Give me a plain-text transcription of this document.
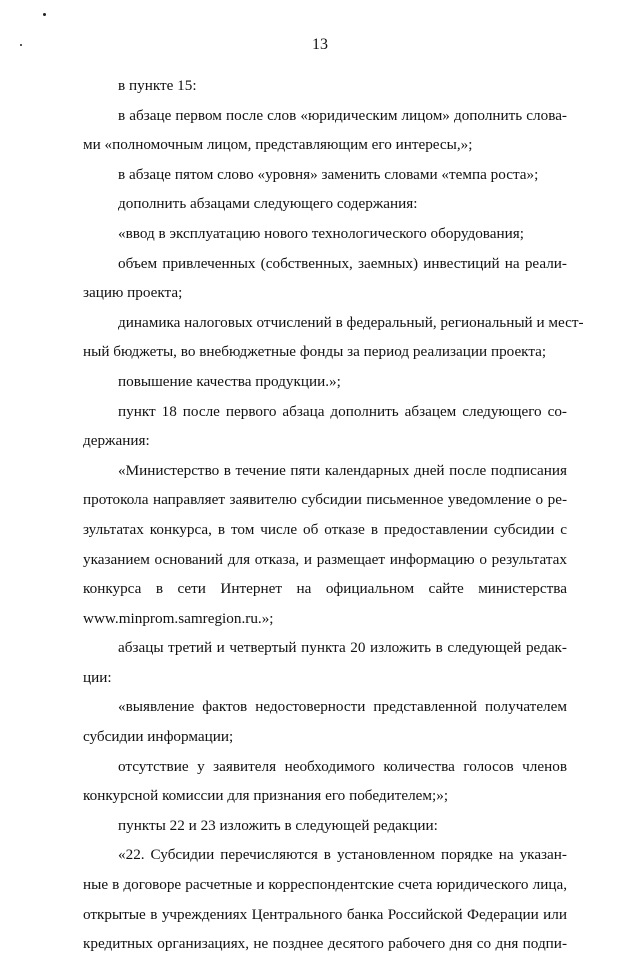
13
в пункте 15:
в абзаце первом после слов «юридическим лицом» дополнить слова-
ми «полномочным лицом, представляющим его интересы,»;
в абзаце пятом слово «уровня» заменить словами «темпа роста»;
дополнить абзацами следующего содержания:
«ввод в эксплуатацию нового технологического оборудования;
объем привлеченных (собственных, заемных) инвестиций на реали-
зацию проекта;
динамика налоговых отчислений в федеральный, региональный и мест-
ный бюджеты, во внебюджетные фонды за период реализации проекта;
повышение качества продукции.»;
пункт 18 после первого абзаца дополнить абзацем следующего со-
держания:
«Министерство в течение пяти календарных дней после подписания
протокола направляет заявителю субсидии письменное уведомление о ре-
зультатах конкурса, в том числе об отказе в предоставлении субсидии с
указанием оснований для отказа, и размещает информацию о результатах
конкурса в сети Интернет на официальном сайте министерства
www.minprom.samregion.ru.»;
абзацы третий и четвертый пункта 20 изложить в следующей редак-
ции:
«выявление фактов недостоверности представленной получателем
субсидии информации;
отсутствие у заявителя необходимого количества голосов членов
конкурсной комиссии для признания его победителем;»;
пункты 22 и 23 изложить в следующей редакции:
«22. Субсидии перечисляются в установленном порядке на указан-
ные в договоре расчетные и корреспондентские счета юридического лица,
открытые в учреждениях Центрального банка Российской Федерации или
кредитных организациях, не позднее десятого рабочего дня со дня подпи-
